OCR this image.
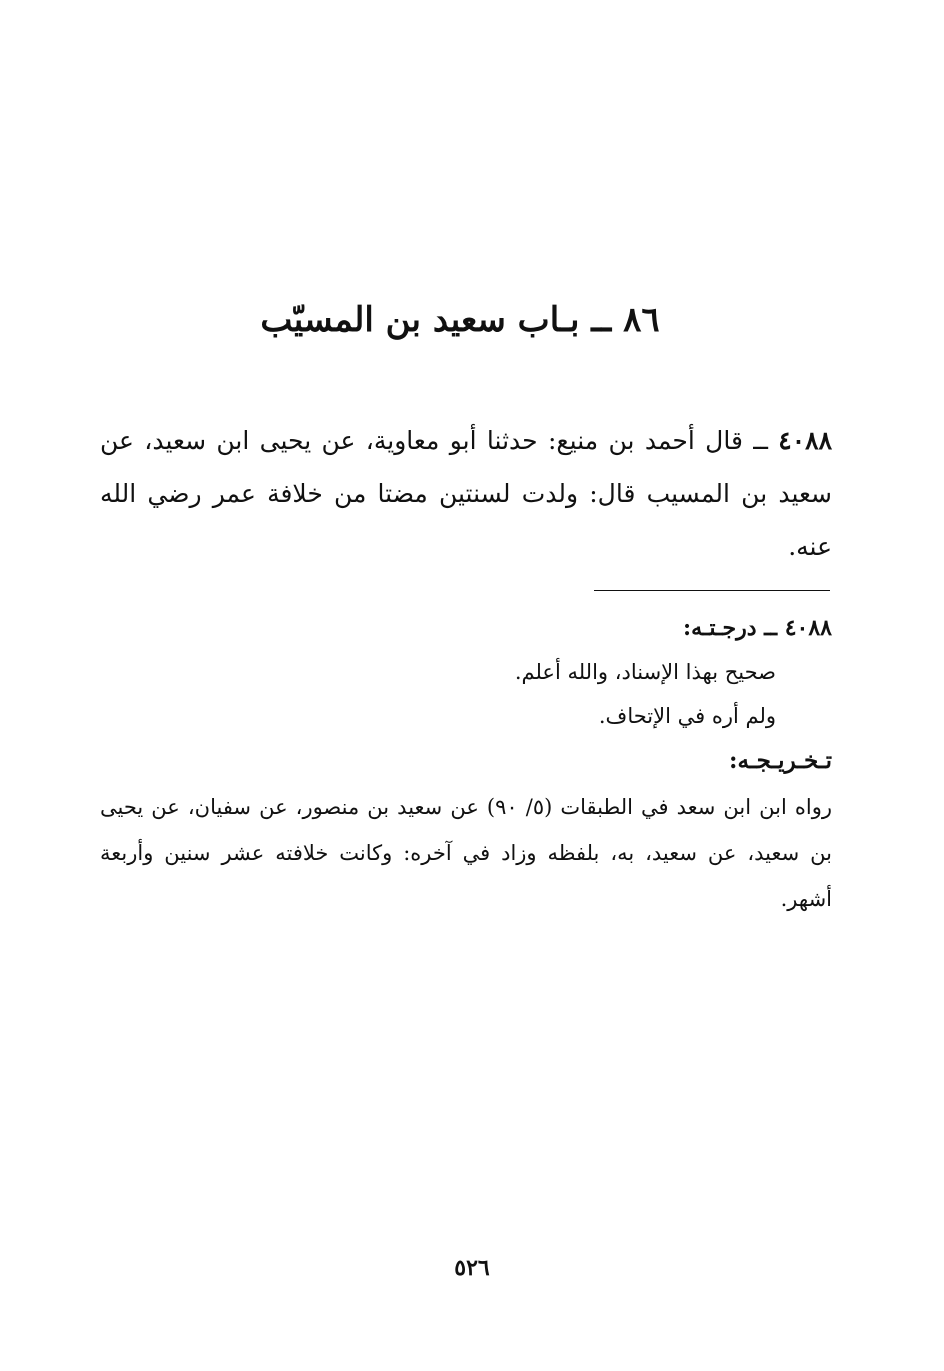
٨٦ ــ بـاب سعيد بن المسيّب
٤٠٨٨ ــ قال أحمد بن منيع: حدثنا أبو معاوية، عن يحيى ابن سعيد، عن سعيد بن المسيب قال: ولدت لسنتين مضتا من خلافة عمر رضي الله عنه.
٤٠٨٨ ــ درجـتـه:
صحيح بهذا الإسناد، والله أعلم.
ولم أره في الإتحاف.
تـخـريـجـه:
رواه ابن ابن سعد في الطبقات (٥/ ٩٠) عن سعيد بن منصور، عن سفيان، عن يحيى بن سعيد، عن سعيد، به، بلفظه وزاد في آخره: وكانت خلافته عشر سنين وأربعة أشهر.
٥٢٦
